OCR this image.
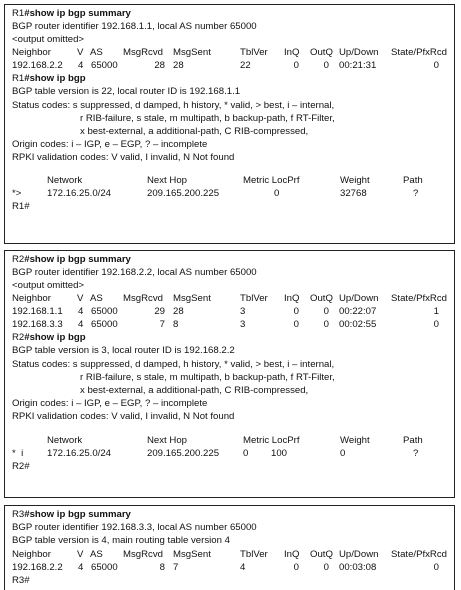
R1#show ip bgp summary
BGP router identifier 192.168.1.1, local AS number 65000
<output omitted>
Neighbor	V AS MsgRcvd MsgSent	TblVer InQ OutQ Up/Down State/PfxRcd
192.168.2.2 4 65000	28 28	22	0	0 00:21:31	0
R1#show ip bgp
BGP table version is 22, local router ID is 192.168.1.1
Status codes: s suppressed, d damped, h history, * valid, > best, i – internal,
r RIB-failure, s stale, m multipath, b backup-path, f RT-Filter,
x best-external, a additional-path, C RIB-compressed,
Origin codes: i – IGP, e – EGP, ? – incomplete
RPKI validation codes: V valid, I invalid, N Not found
Network	Next Hop	Metric LocPrf	Weight	Path
*>	172.16.25.0/24	209.165.200.225	0	32768	?
R1#
R2#show ip bgp summary
BGP router identifier 192.168.2.2, local AS number 65000
<output omitted>
Neighbor	V AS MsgRcvd MsgSent	TblVer InQ OutQ Up/Down State/PfxRcd
192.168.1.1 4 65000	29 28	3	0	0 00:22:07	1
192.168.3.3 4 65000	7 8	3	0	0 00:02:55	0
R2#show ip bgp
BGP table version is 3, local router ID is 192.168.2.2
Status codes: s suppressed, d damped, h history, * valid, > best, i – internal,
r RIB-failure, s stale, m multipath, b backup-path, f RT-Filter,
x best-external, a additional-path, C RIB-compressed,
Origin codes: i – IGP, e – EGP, ? – incomplete
RPKI validation codes: V valid, I invalid, N Not found
Network	Next Hop	Metric LocPrf	Weight	Path
*  i 172.16.25.0/24	209.165.200.225 0 100	0	?
R2#
R3#show ip bgp summary
BGP router identifier 192.168.3.3, local AS number 65000
BGP table version is 4, main routing table version 4
Neighbor	V AS MsgRcvd MsgSent	TblVer InQ OutQ Up/Down State/PfxRcd
192.168.2.2 4 65000	8 7	4	0	0 00:03:08	0
R3#
